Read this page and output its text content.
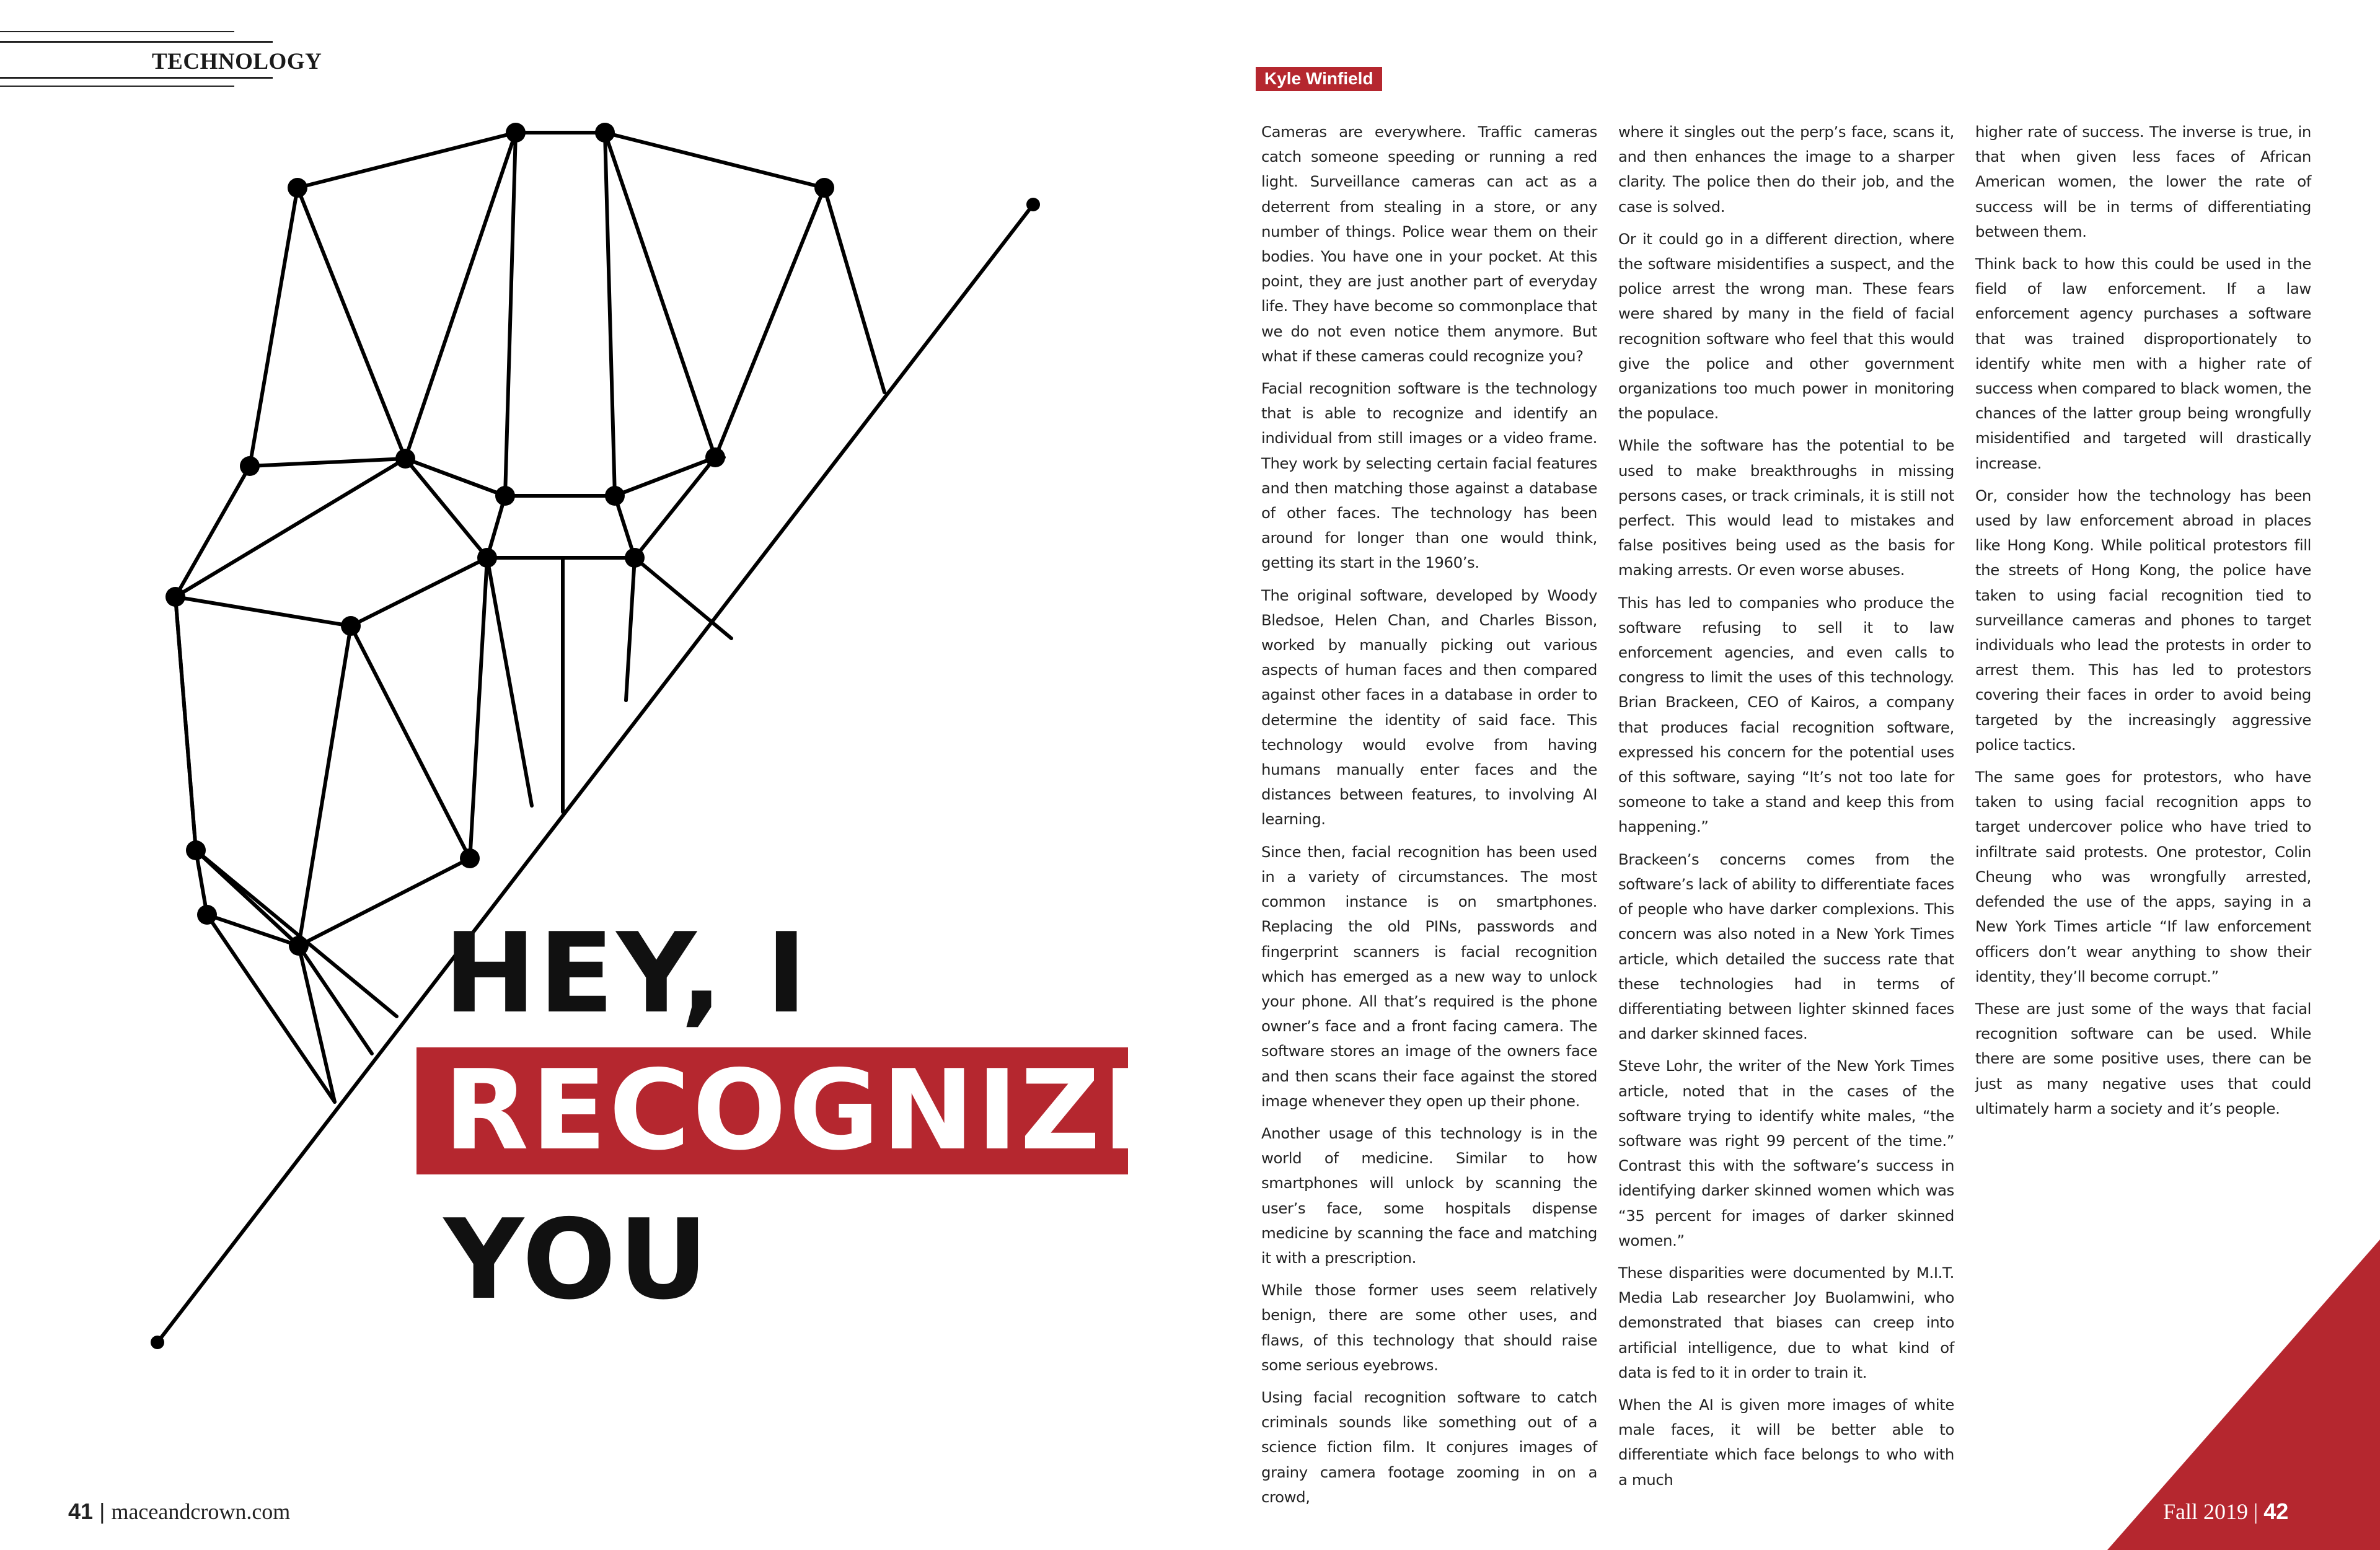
TECHNOLOGY
HEY, I
RECOGNIZE
YOU
Kyle Winfield

Cameras are everywhere. Traffic cameras catch someone speeding or running a red light. Surveillance cameras can act as a deterrent from stealing in a store, or any number of things. Police wear them on their bodies. You have one in your pocket. At this point, they are just another part of everyday life. They have become so commonplace that we do not even notice them anymore. But what if these cameras could recognize you?

Facial recognition software is the technology that is able to recognize and identify an individual from still images or a video frame. They work by selecting certain facial features and then matching those against a database of other faces. The technology has been around for longer than one would think, getting its start in the 1960’s.

The original software, developed by Woody Bledsoe, Helen Chan, and Charles Bisson, worked by manually picking out various aspects of human faces and then compared against other faces in a database in order to determine the identity of said face. This technology would evolve from having humans manually enter faces and the distances between features, to involving AI learning.

Since then, facial recognition has been used in a variety of circumstances. The most common instance is on smartphones. Replacing the old PINs, passwords and fingerprint scanners is facial recognition which has emerged as a new way to unlock your phone. All that’s required is the phone owner’s face and a front facing camera. The software stores an image of the owners face and then scans their face against the stored image whenever they open up their phone.

Another usage of this technology is in the world of medicine. Similar to how smartphones will unlock by scanning the user’s face, some hospitals dispense medicine by scanning the face and matching it with a prescription.

While those former uses seem relatively benign, there are some other uses, and flaws, of this technology that should raise some serious eyebrows.

Using facial recognition software to catch criminals sounds like something out of a science fiction film. It conjures images of grainy camera footage zooming in on a crowd,

where it singles out the perp’s face, scans it, and then enhances the image to a sharper clarity. The police then do their job, and the case is solved.

Or it could go in a different direction, where the software misidentifies a suspect, and the police arrest the wrong man. These fears were shared by many in the field of facial recognition software who feel that this would give the police and other government organizations too much power in monitoring the populace.

While the software has the potential to be used to make breakthroughs in missing persons cases, or track criminals, it is still not perfect. This would lead to mistakes and false positives being used as the basis for making arrests. Or even worse abuses.

This has led to companies who produce the software refusing to sell it to law enforcement agencies, and even calls to congress to limit the uses of this technology. Brian Brackeen, CEO of Kairos, a company that produces facial recognition software, expressed his concern for the potential uses of this software, saying “It’s not too late for someone to take a stand and keep this from happening.”

Brackeen’s concerns comes from the software’s lack of ability to differentiate faces of people who have darker complexions. This concern was also noted in a New York Times article, which detailed the success rate that these technologies had in terms of differentiating between lighter skinned faces and darker skinned faces.

Steve Lohr, the writer of the New York Times article, noted that in the cases of the software trying to identify white males, “the software was right 99 percent of the time.” Contrast this with the software’s success in identifying darker skinned women which was “35 percent for images of darker skinned women.”

These disparities were documented by M.I.T. Media Lab researcher Joy Buolamwini, who demonstrated that biases can creep into artificial intelligence, due to what kind of data is fed to it in order to train it.

When the AI is given more images of white male faces, it will be better able to differentiate which face belongs to who with a much

higher rate of success. The inverse is true, in that when given less faces of African American women, the lower the rate of success will be in terms of differentiating between them.

Think back to how this could be used in the field of law enforcement. If a law enforcement agency purchases a software that was trained disproportionately to identify white men with a higher rate of success when compared to black women, the chances of the latter group being wrongfully misidentified and targeted will drastically increase.

Or, consider how the technology has been used by law enforcement abroad in places like Hong Kong. While political protestors fill the streets of Hong Kong, the police have taken to using facial recognition tied to surveillance cameras and phones to target individuals who lead the protests in order to arrest them. This has led to protestors covering their faces in order to avoid being targeted by the increasingly aggressive police tactics.

The same goes for protestors, who have taken to using facial recognition apps to target undercover police who have tried to infiltrate said protests. One protestor, Colin Cheung who was wrongfully arrested, defended the use of the apps, saying in a New York Times article “If law enforcement officers don’t wear anything to show their identity, they’ll become corrupt.”

These are just some of the ways that facial recognition software can be used. While there are some positive uses, there can be just as many negative uses that could ultimately harm a society and it’s people.

41 | maceandcrown.com	Fall 2019 | 42
